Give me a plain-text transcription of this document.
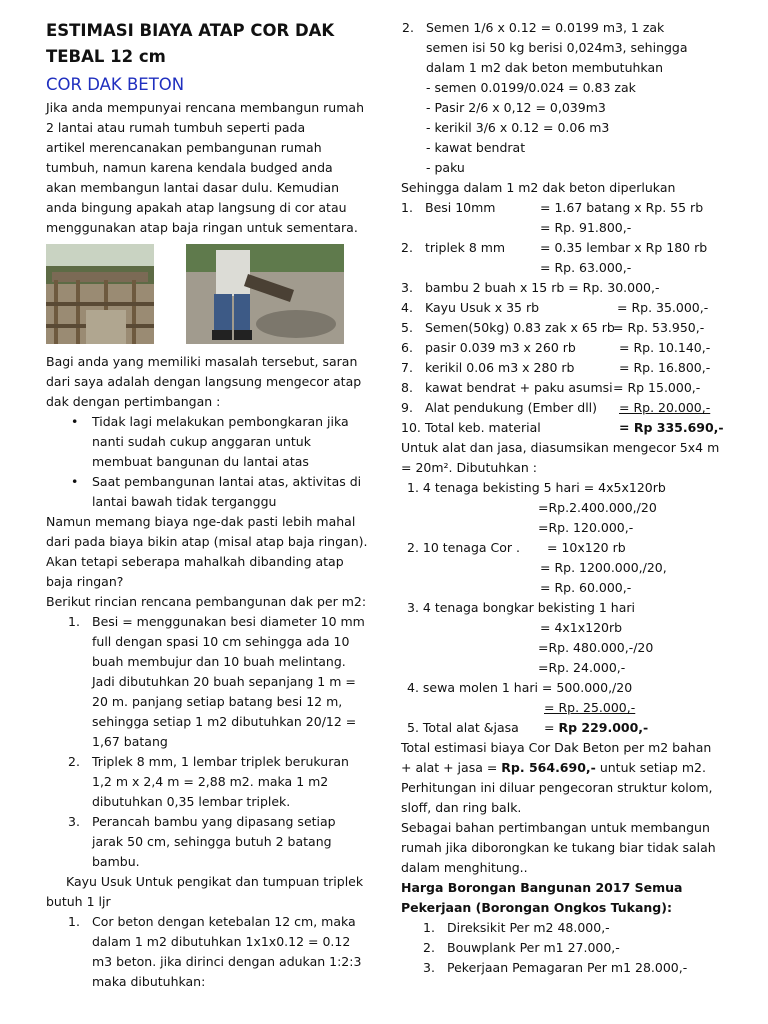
ESTIMASI BIAYA ATAP COR DAK
TEBAL 12 cm
COR DAK BETON

Jika anda mempunyai rencana membangun rumah

2 lantai atau rumah tumbuh seperti pada

artikel merencanakan pembangunan rumah

tumbuh, namun karena kendala budged anda

akan membangun lantai dasar dulu. Kemudian

anda bingung apakah atap langsung di cor atau

menggunakan atap baja ringan untuk sementara.

Bagi anda yang memiliki masalah tersebut, saran

dari saya adalah dengan langsung mengecor atap

dak dengan pertimbangan :

• Tidak lagi melakukan pembongkaran jika
nanti sudah cukup anggaran untuk
membuat bangunan du lantai atas
• Saat pembangunan lantai atas, aktivitas di
lantai bawah tidak terganggu

Namun memang biaya nge-dak pasti lebih mahal

dari pada biaya bikin atap (misal atap baja ringan).

Akan tetapi seberapa mahalkah dibanding atap

baja ringan?

Berikut rincian rencana pembangunan dak per m2:

1. Besi = menggunakan besi diameter 10 mm
full dengan spasi 10 cm sehingga ada 10
buah membujur dan 10 buah melintang.
Jadi dibutuhkan 20 buah sepanjang 1 m =
20 m. panjang setiap batang besi 12 m,
sehingga setiap 1 m2 dibutuhkan 20/12 =
1,67 batang
2. Triplek 8 mm, 1 lembar triplek berukuran
1,2 m x 2,4 m = 2,88 m2. maka 1 m2
dibutuhkan 0,35 lembar triplek.
3. Perancah bambu yang dipasang setiap
jarak 50 cm, sehingga butuh 2 batang
bambu.

Kayu Usuk Untuk pengikat dan tumpuan triplek

butuh 1 ljr

1. Cor beton dengan ketebalan 12 cm, maka
dalam 1 m2 dibutuhkan 1x1x0.12 = 0.12
m3 beton. jika dirinci dengan adukan 1:2:3
maka dibutuhkan:
2. Semen 1/6 x 0.12 = 0.0199 m3, 1 zak
semen isi 50 kg berisi 0,024m3, sehingga
dalam 1 m2 dak beton membutuhkan
- semen 0.0199/0.024 = 0.83 zak
- Pasir 2/6 x 0,12 = 0,039m3
- kerikil 3/6 x 0.12 = 0.06 m3
- kawat bendrat
- paku

Sehingga dalam 1 m2 dak beton diperlukan

1. Besi 10mm	= 1.67 batang x Rp. 55 rb
= Rp. 91.800,-
2. triplek 8 mm	= 0.35 lembar x Rp 180 rb
= Rp. 63.000,-
3. bambu 2 buah x 15 rb = Rp. 30.000,-
4. Kayu Usuk x 35 rb	= Rp. 35.000,-
5. Semen(50kg) 0.83 zak x 65 rb
= Rp. 53.950,-
6. pasir 0.039 m3 x 260 rb	= Rp. 10.140,-
7. kerikil 0.06 m3 x 280 rb	= Rp. 16.800,-
8. kawat bendrat + paku asumsi = Rp 15.000,-
9. Alat pendukung (Ember dll) = Rp. 20.000,-
10. Total keb. material	= Rp 335.690,-

Untuk alat dan jasa, diasumsikan mengecor 5x4 m

= 20m². Dibutuhkan :

1. 4 tenaga bekisting 5 hari = 4x5x120rb
=Rp.2.400.000,/20
=Rp. 120.000,-
2. 10 tenaga Cor . = 10x120 rb
= Rp. 1200.000,/20,
= Rp. 60.000,-
3. 4 tenaga bongkar bekisting 1 hari
= 4x1x120rb
=Rp. 480.000,-/20
=Rp. 24.000,-
4. sewa molen 1 hari = 500.000,/20
= Rp. 25.000,-
5. Total alat &jasa = Rp 229.000,-

Total estimasi biaya Cor Dak Beton per m2 bahan

+ alat + jasa = Rp. 564.690,- untuk setiap m2.

Perhitungan ini diluar pengecoran struktur kolom,

sloff, dan ring balk.

Sebagai bahan pertimbangan untuk membangun

rumah jika diborongkan ke tukang biar tidak salah

dalam menghitung..

Harga Borongan Bangunan 2017 Semua

Pekerjaan (Borongan Ongkos Tukang):

1. Direksikit Per m2 48.000,-
2. Bouwplank Per m1 27.000,-
3. Pekerjaan Pemagaran Per m1 28.000,-
